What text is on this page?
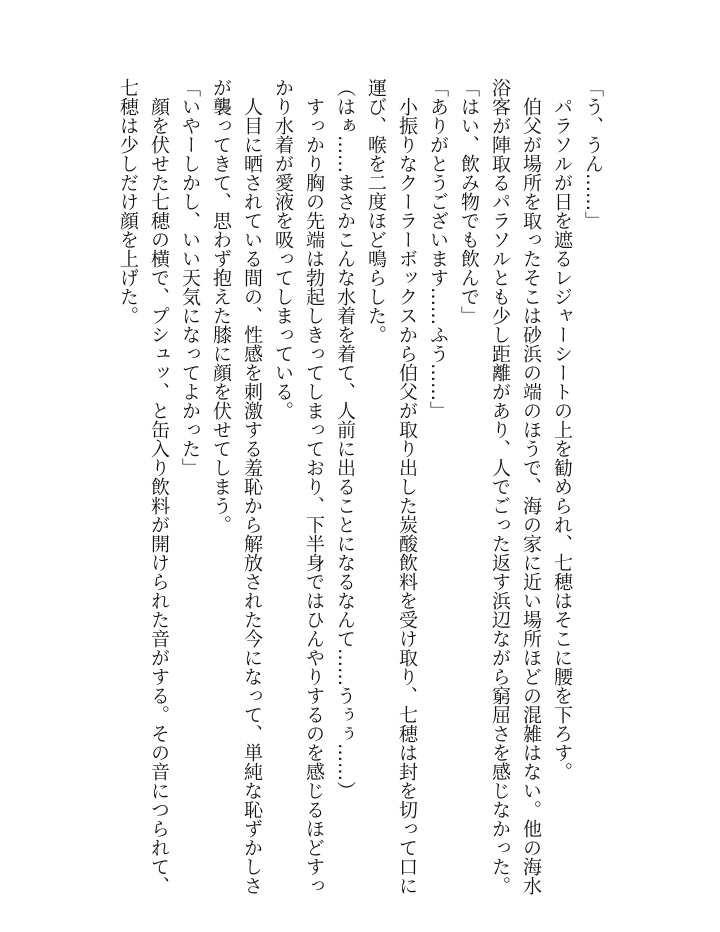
「う、うん……」
　パラソルが日を遮るレジャーシートの上を勧められ、七穂はそこに腰を下ろす。
　伯父が場所を取ったそこは砂浜の端のほうで、海の家に近い場所ほどの混雑はない。他の海水
浴客が陣取るパラソルとも少し距離があり、人でごった返す浜辺ながら窮屈さを感じなかった。
「はい、飲み物でも飲んで」
「ありがとうございます……ふう……」
　小振りなクーラーボックスから伯父が取り出した炭酸飲料を受け取り、七穂は封を切って口に
運び、喉を二度ほど鳴らした。
（はぁ……まさかこんな水着を着て、人前に出ることになるなんて……うぅぅ……）
　すっかり胸の先端は勃起しきってしまっており、下半身ではひんやりするのを感じるほどすっ
かり水着が愛液を吸ってしまっている。
　人目に晒されている間の、性感を刺激する羞恥から解放された今になって、単純な恥ずかしさ
が襲ってきて、思わず抱えた膝に顔を伏せてしまう。
「いやーしかし、いい天気になってよかった」
　顔を伏せた七穂の横で、プシュッ、と缶入り飲料が開けられた音がする。その音につられて、
七穂は少しだけ顔を上げた。
